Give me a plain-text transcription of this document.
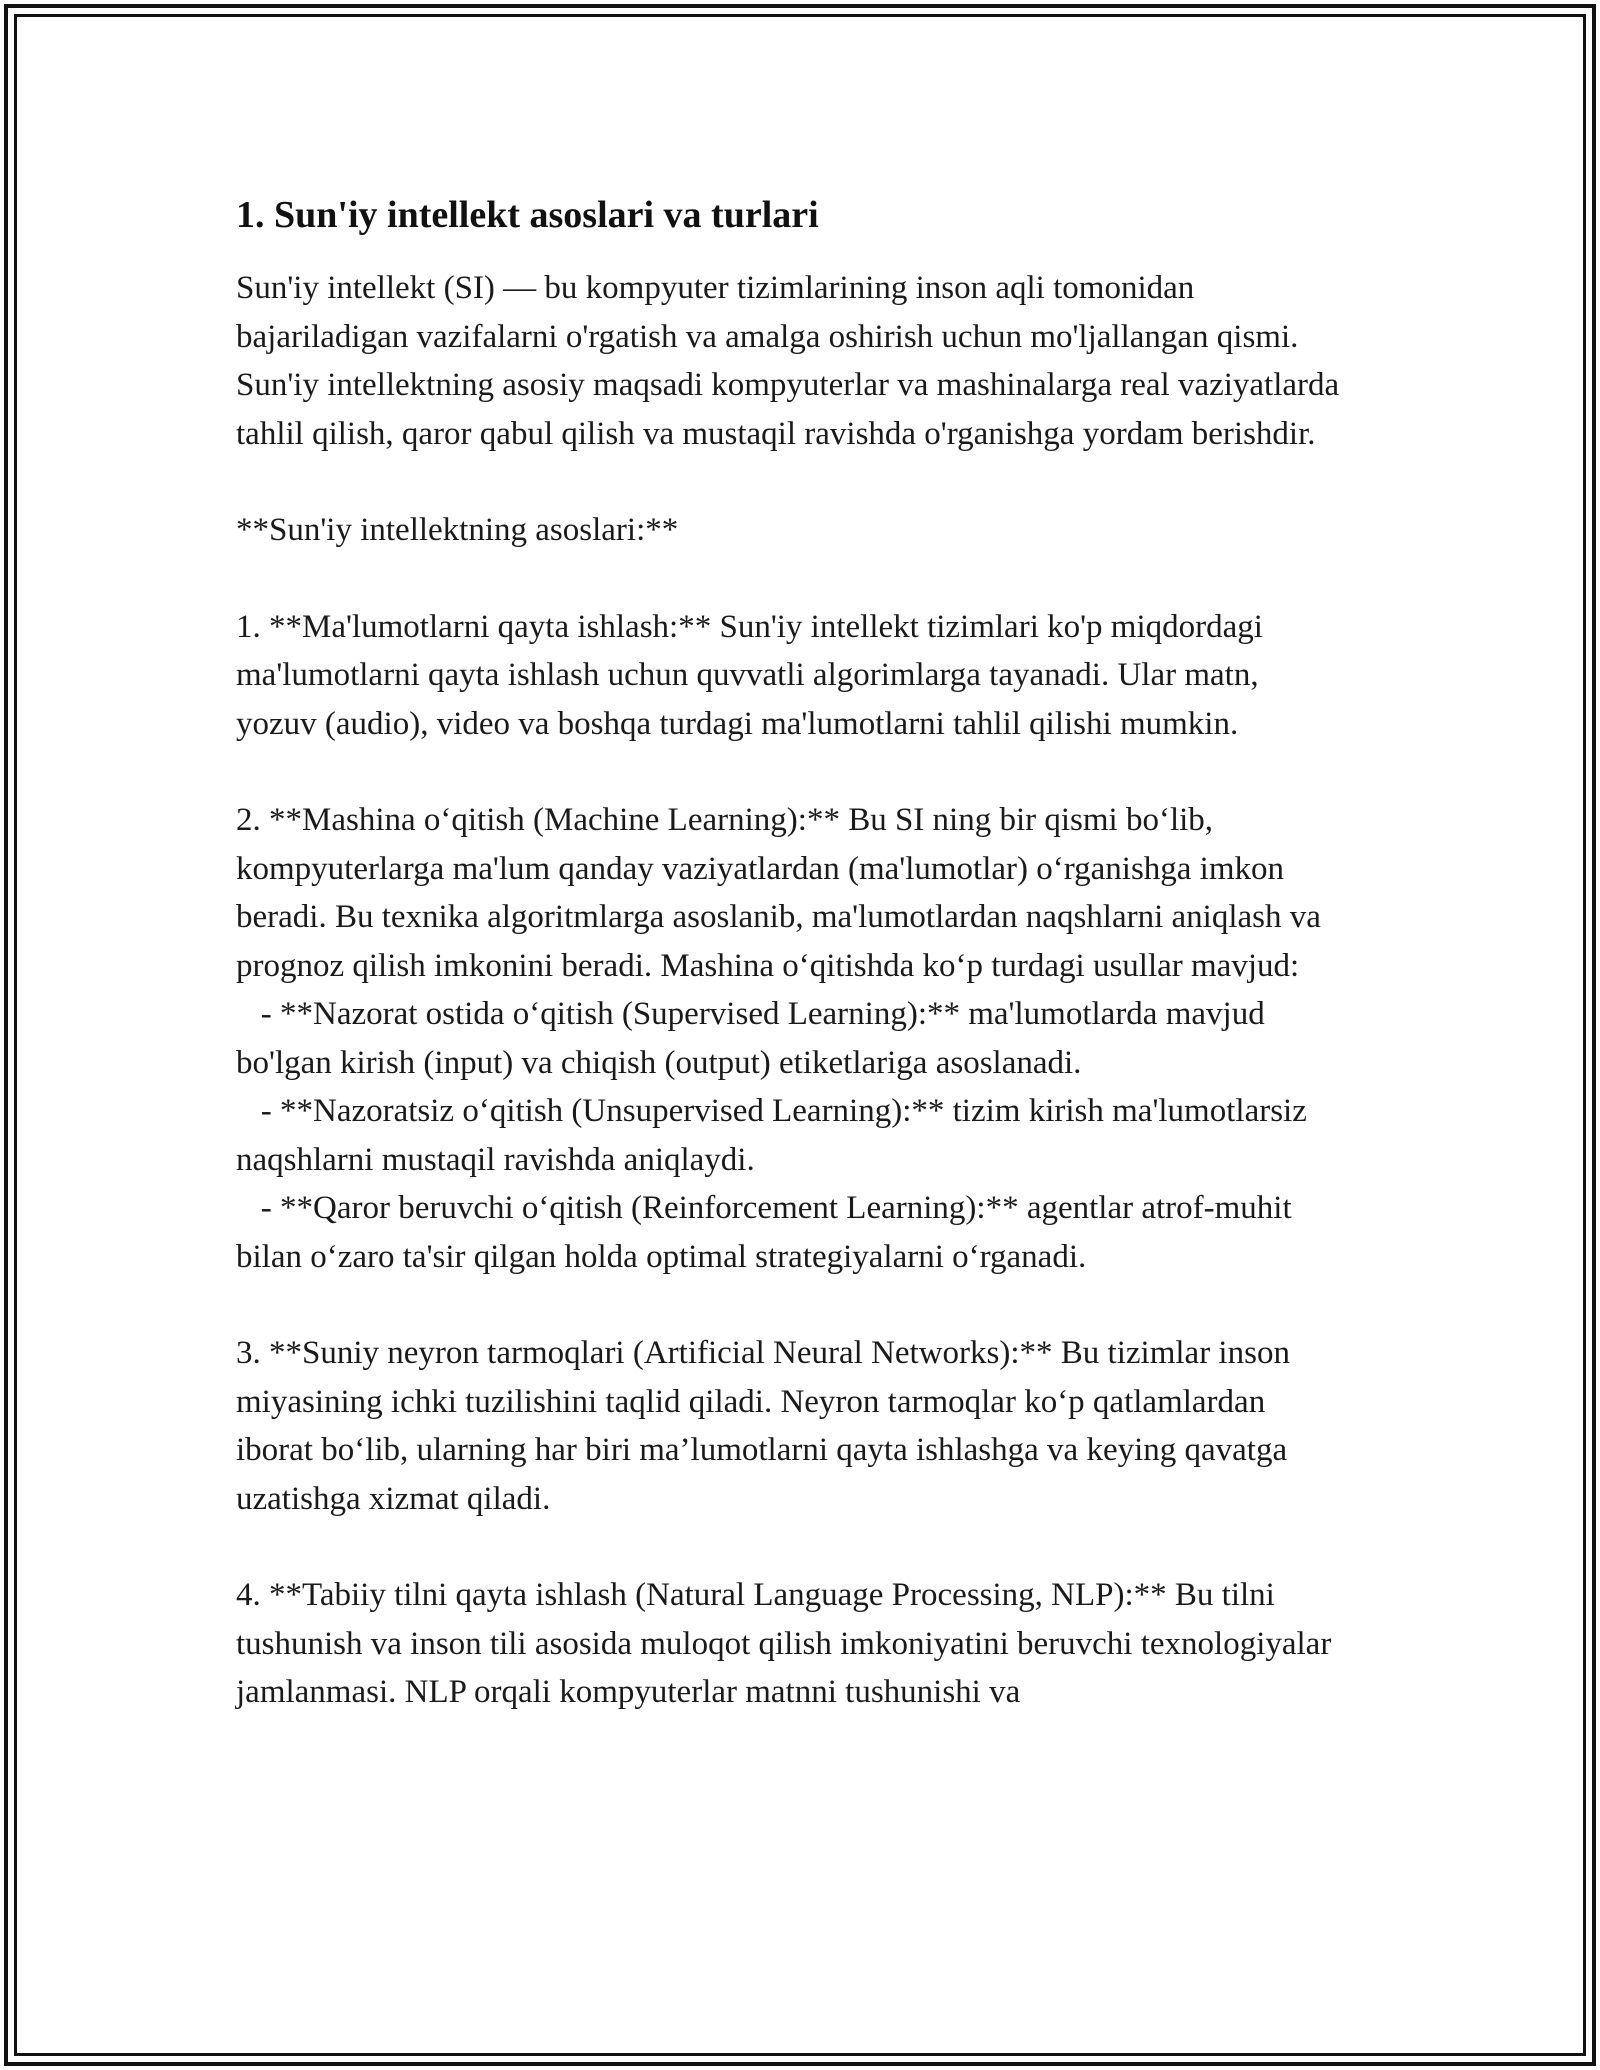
1. Sun'iy intellekt asoslari va turlari

Sun'iy intellekt (SI) — bu kompyuter tizimlarining inson aqli tomonidan bajariladigan vazifalarni o'rgatish va amalga oshirish uchun mo'ljallangan qismi. Sun'iy intellektning asosiy maqsadi kompyuterlar va mashinalarga real vaziyatlarda tahlil qilish, qaror qabul qilish va mustaqil ravishda o'rganishga yordam berishdir.

**Sun'iy intellektning asoslari:**

1. **Ma'lumotlarni qayta ishlash:** Sun'iy intellekt tizimlari ko'p miqdordagi ma'lumotlarni qayta ishlash uchun quvvatli algorimlarga tayanadi. Ular matn, yozuv (audio), video va boshqa turdagi ma'lumotlarni tahlil qilishi mumkin.

2. **Mashina oʻqitish (Machine Learning):** Bu SI ning bir qismi boʻlib, kompyuterlarga ma'lum qanday vaziyatlardan (ma'lumotlar) oʻrganishga imkon beradi. Bu texnika algoritmlarga asoslanib, ma'lumotlardan naqshlarni aniqlash va prognoz qilish imkonini beradi. Mashina oʻqitishda koʻp turdagi usullar mavjud:
- **Nazorat ostida oʻqitish (Supervised Learning):** ma'lumotlarda mavjud bo'lgan kirish (input) va chiqish (output) etiketlariga asoslanadi.
- **Nazoratsiz oʻqitish (Unsupervised Learning):** tizim kirish ma'lumotlarsiz naqshlarni mustaqil ravishda aniqlaydi.
- **Qaror beruvchi oʻqitish (Reinforcement Learning):** agentlar atrof-muhit bilan oʻzaro ta'sir qilgan holda optimal strategiyalarni oʻrganadi.

3. **Suniy neyron tarmoqlari (Artificial Neural Networks):** Bu tizimlar inson miyasining ichki tuzilishini taqlid qiladi. Neyron tarmoqlar koʻp qatlamlardan iborat boʻlib, ularning har biri ma’lumotlarni qayta ishlashga va keying qavatga uzatishga xizmat qiladi.

4. **Tabiiy tilni qayta ishlash (Natural Language Processing, NLP):** Bu tilni tushunish va inson tili asosida muloqot qilish imkoniyatini beruvchi texnologiyalar jamlanmasi. NLP orqali kompyuterlar matnni tushunishi va
